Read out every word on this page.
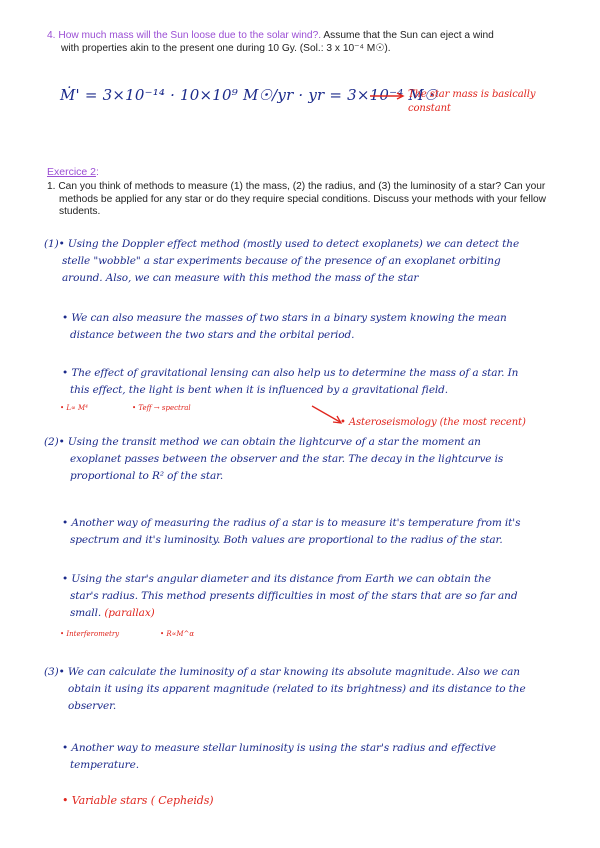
4. How much mass will the Sun loose due to the solar wind?. Assume that the Sun can eject a wind
with properties akin to the present one during 10 Gy. (Sol.: 3 x 10⁻⁴ M☉).
Ṁ' = 3×10⁻¹⁴ · 10×10⁹ M☉/yr · yr = 3×10⁻⁴ M☉
The star mass is basically
constant
Exercice 2:
1. Can you think of methods to measure (1) the mass, (2) the radius, and (3) the luminosity of a star? Can your
methods be applied for any star or do they require special conditions. Discuss your methods with your fellow
students.
(1)• Using the Doppler effect method (mostly used to detect exoplanets) we can detect the
stelle "wobble" a star experiments because of the presence of an exoplanet orbiting
around. Also, we can measure with this method the mass of the star
• We can also measure the masses of two stars in a binary system knowing the mean
distance between the two stars and the orbital period.
• The effect of gravitational lensing can also help us to determine the mass of a star. In
this effect, the light is bent when it is influenced by a gravitational field.
• L∝ M⁴	• Teff → spectral
• Asteroseismology (the most recent)
(2)• Using the transit method we can obtain the lightcurve of a star the moment an
exoplanet passes between the observer and the star. The decay in the lightcurve is
proportional to R² of the star.
• Another way of measuring the radius of a star is to measure it's temperature from it's
spectrum and it's luminosity. Both values are proportional to the radius of the star.
• Using the star's angular diameter and its distance from Earth we can obtain the
star's radius. This method presents difficulties in most of the stars that are so far and
small. (parallax)
• Interferometry	• R∝M^α
(3)• We can calculate the luminosity of a star knowing its absolute magnitude. Also we can
obtain it using its apparent magnitude (related to its brightness) and its distance to the
observer.
• Another way to measure stellar luminosity is using the star's radius and effective
temperature.
• Variable stars ( Cepheids)
